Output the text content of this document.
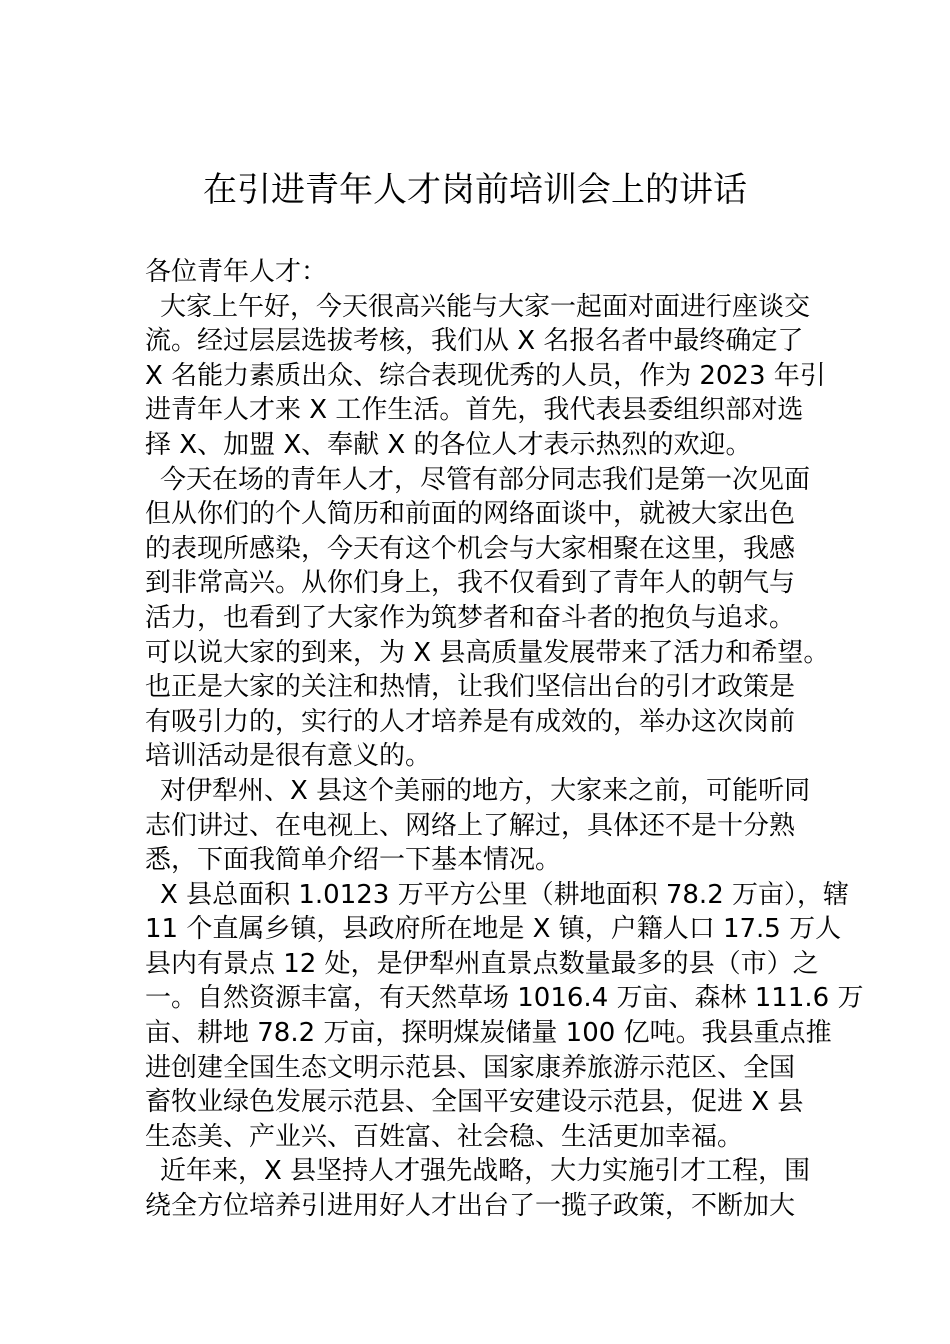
在引进青年人才岗前培训会上的讲话
各位青年人才：
大家上午好，今天很高兴能与大家一起面对面进行座谈交
流。经过层层选拔考核，我们从 X 名报名者中最终确定了
X 名能力素质出众、综合表现优秀的人员，作为 2023 年引
进青年人才来 X 工作生活。首先，我代表县委组织部对选
择 X、加盟 X、奉献 X 的各位人才表示热烈的欢迎。
今天在场的青年人才，尽管有部分同志我们是第一次见面
但从你们的个人简历和前面的网络面谈中，就被大家出色
的表现所感染，今天有这个机会与大家相聚在这里，我感
到非常高兴。从你们身上，我不仅看到了青年人的朝气与
活力，也看到了大家作为筑梦者和奋斗者的抱负与追求。
可以说大家的到来，为 X 县高质量发展带来了活力和希望。
也正是大家的关注和热情，让我们坚信出台的引才政策是
有吸引力的，实行的人才培养是有成效的，举办这次岗前
培训活动是很有意义的。
对伊犁州、X 县这个美丽的地方，大家来之前，可能听同
志们讲过、在电视上、网络上了解过，具体还不是十分熟
悉，下面我简单介绍一下基本情况。
X 县总面积 1.0123 万平方公里（耕地面积 78.2 万亩），辖
11 个直属乡镇，县政府所在地是 X 镇，户籍人口 17.5 万人
县内有景点 12 处，是伊犁州直景点数量最多的县（市）之
一。自然资源丰富，有天然草场 1016.4 万亩、森林 111.6 万
亩、耕地 78.2 万亩，探明煤炭储量 100 亿吨。我县重点推
进创建全国生态文明示范县、国家康养旅游示范区、全国
畜牧业绿色发展示范县、全国平安建设示范县，促进 X 县
生态美、产业兴、百姓富、社会稳、生活更加幸福。
近年来，X 县坚持人才强先战略，大力实施引才工程，围
绕全方位培养引进用好人才出台了一揽子政策，不断加大
